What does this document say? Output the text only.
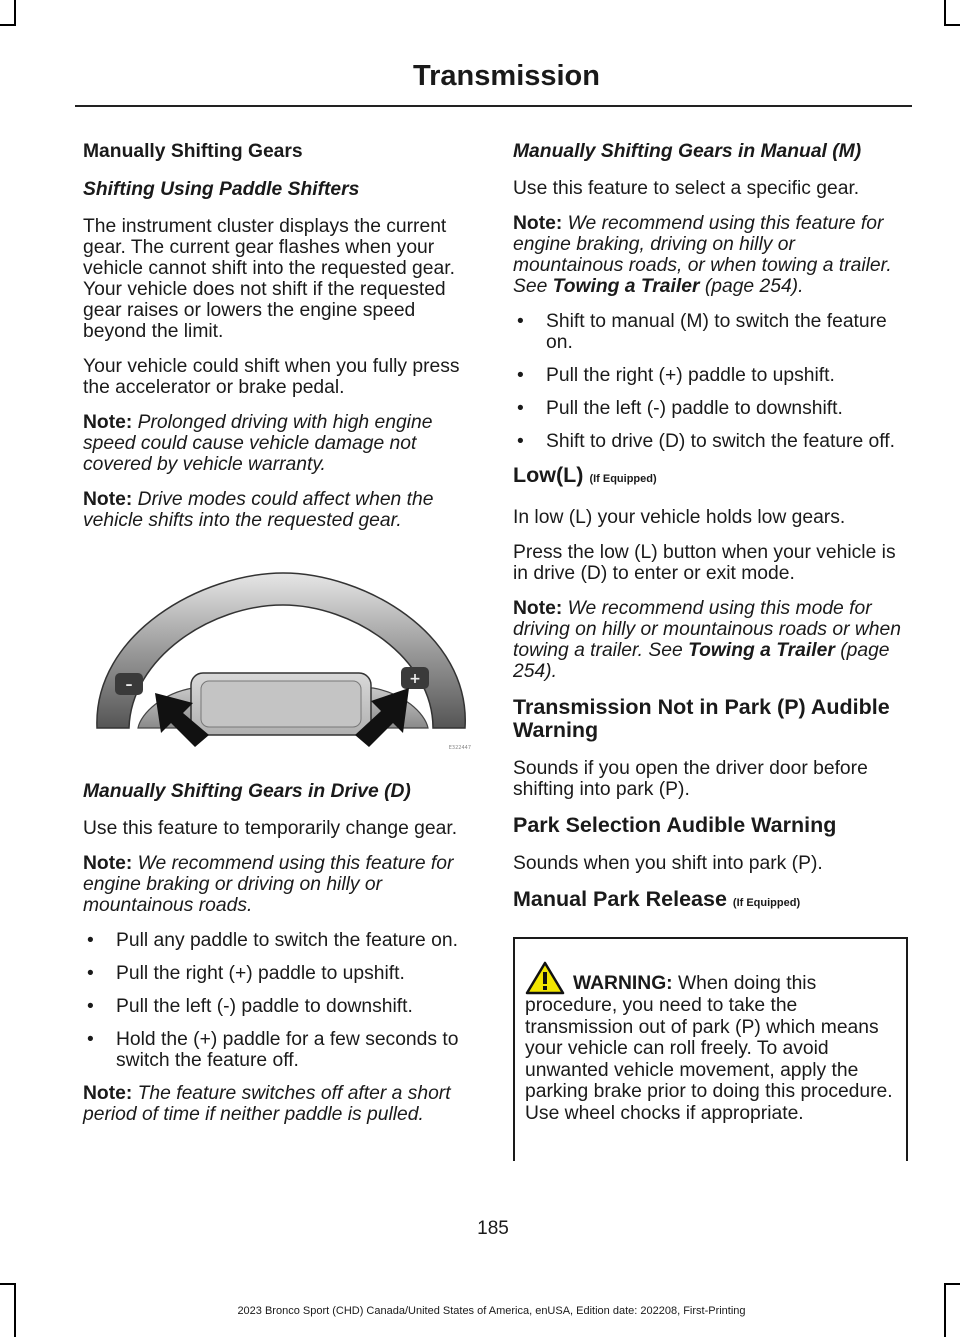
Transmission
Manually Shifting Gears
Shifting Using Paddle Shifters

The instrument cluster displays the current gear. The current gear flashes when your vehicle cannot shift into the requested gear. Your vehicle does not shift if the requested gear raises or lowers the engine speed beyond the limit.

Your vehicle could shift when you fully press the accelerator or brake pedal.

Note: Prolonged driving with high engine speed could cause vehicle damage not covered by vehicle warranty.

Note: Drive modes could affect when the vehicle shifts into the requested gear.

–	+
E322447
Manually Shifting Gears in Drive (D)

Use this feature to temporarily change gear.

Note: We recommend using this feature for engine braking or driving on hilly or mountainous roads.

• Pull any paddle to switch the feature on.
• Pull the right (+) paddle to upshift.
• Pull the left (-) paddle to downshift.
• Hold the (+) paddle for a few seconds to switch the feature off.

Note: The feature switches off after a short period of time if neither paddle is pulled.

Manually Shifting Gears in Manual (M)

Use this feature to select a specific gear.

Note: We recommend using this feature for engine braking, driving on hilly or mountainous roads, or when towing a trailer. See Towing a Trailer (page 254).

• Shift to manual (M) to switch the feature on.
• Pull the right (+) paddle to upshift.
• Pull the left (-) paddle to downshift.
• Shift to drive (D) to switch the feature off.
Low(L) (If Equipped)

In low (L) your vehicle holds low gears.

Press the low (L) button when your vehicle is in drive (D) to enter or exit mode.

Note: We recommend using this mode for driving on hilly or mountainous roads or when towing a trailer. See Towing a Trailer (page 254).

Transmission Not in Park (P) Audible Warning

Sounds if you open the driver door before shifting into park (P).

Park Selection Audible Warning

Sounds when you shift into park (P).

Manual Park Release (If Equipped)

WARNING: When doing this procedure, you need to take the transmission out of park (P) which means your vehicle can roll freely. To avoid unwanted vehicle movement, apply the parking brake prior to doing this procedure. Use wheel chocks if appropriate.

185
2023 Bronco Sport (CHD) Canada/United States of America, enUSA, Edition date: 202208, First-Printing
